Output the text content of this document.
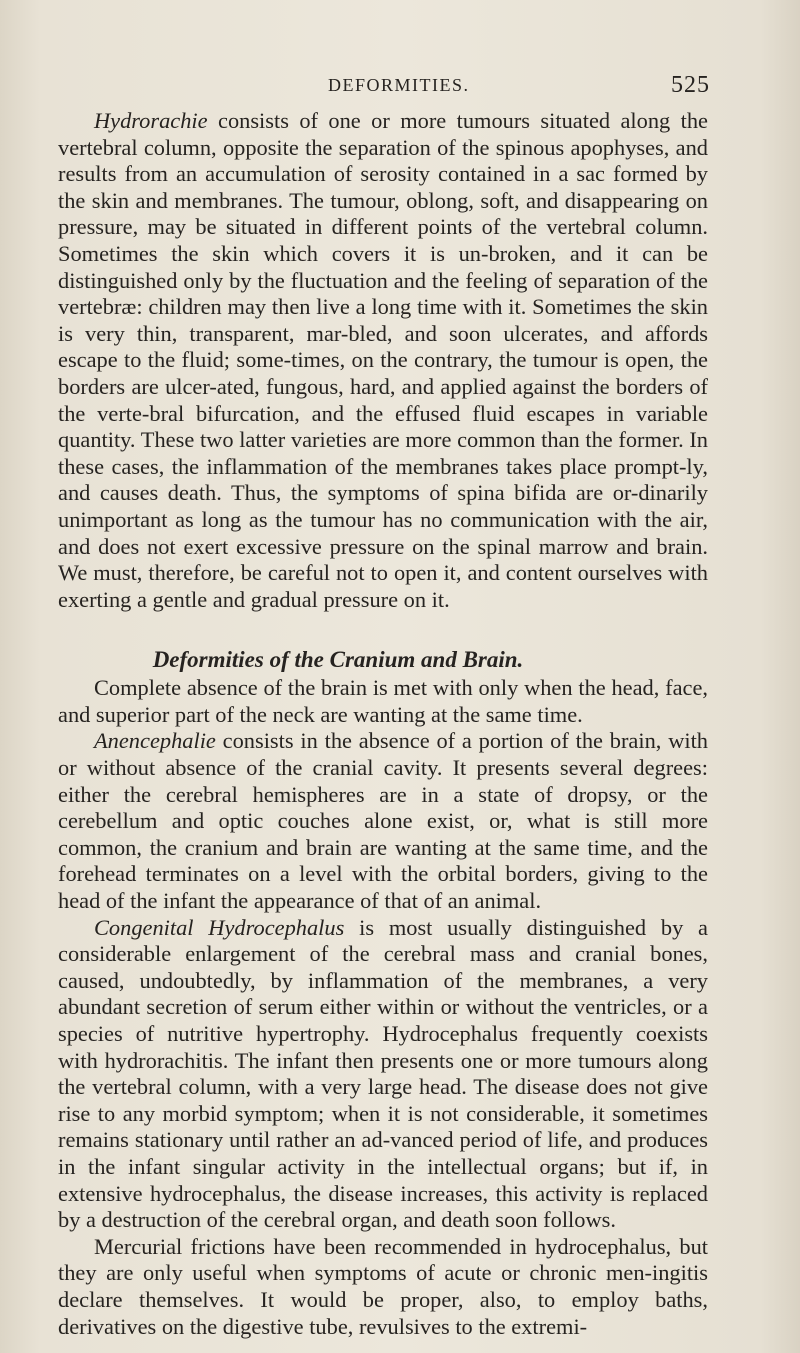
DEFORMITIES.	525

Hydrorachie consists of one or more tumours situated along the vertebral column, opposite the separation of the spinous apophyses, and results from an accumulation of serosity contained in a sac formed by the skin and membranes. The tumour, oblong, soft, and disappearing on pressure, may be situated in different points of the vertebral column. Sometimes the skin which covers it is un-broken, and it can be distinguished only by the fluctuation and the feeling of separation of the vertebræ: children may then live a long time with it. Sometimes the skin is very thin, transparent, mar-bled, and soon ulcerates, and affords escape to the fluid; some-times, on the contrary, the tumour is open, the borders are ulcer-ated, fungous, hard, and applied against the borders of the verte-bral bifurcation, and the effused fluid escapes in variable quantity. These two latter varieties are more common than the former. In these cases, the inflammation of the membranes takes place prompt-ly, and causes death. Thus, the symptoms of spina bifida are or-dinarily unimportant as long as the tumour has no communication with the air, and does not exert excessive pressure on the spinal marrow and brain. We must, therefore, be careful not to open it, and content ourselves with exerting a gentle and gradual pressure on it.

Deformities of the Cranium and Brain.

Complete absence of the brain is met with only when the head, face, and superior part of the neck are wanting at the same time.

Anencephalie consists in the absence of a portion of the brain, with or without absence of the cranial cavity. It presents several degrees: either the cerebral hemispheres are in a state of dropsy, or the cerebellum and optic couches alone exist, or, what is still more common, the cranium and brain are wanting at the same time, and the forehead terminates on a level with the orbital borders, giving to the head of the infant the appearance of that of an animal.

Congenital Hydrocephalus is most usually distinguished by a considerable enlargement of the cerebral mass and cranial bones, caused, undoubtedly, by inflammation of the membranes, a very abundant secretion of serum either within or without the ventricles, or a species of nutritive hypertrophy. Hydrocephalus frequently coexists with hydrorachitis. The infant then presents one or more tumours along the vertebral column, with a very large head. The disease does not give rise to any morbid symptom; when it is not considerable, it sometimes remains stationary until rather an ad-vanced period of life, and produces in the infant singular activity in the intellectual organs; but if, in extensive hydrocephalus, the disease increases, this activity is replaced by a destruction of the cerebral organ, and death soon follows.

Mercurial frictions have been recommended in hydrocephalus, but they are only useful when symptoms of acute or chronic men-ingitis declare themselves. It would be proper, also, to employ baths, derivatives on the digestive tube, revulsives to the extremi-
